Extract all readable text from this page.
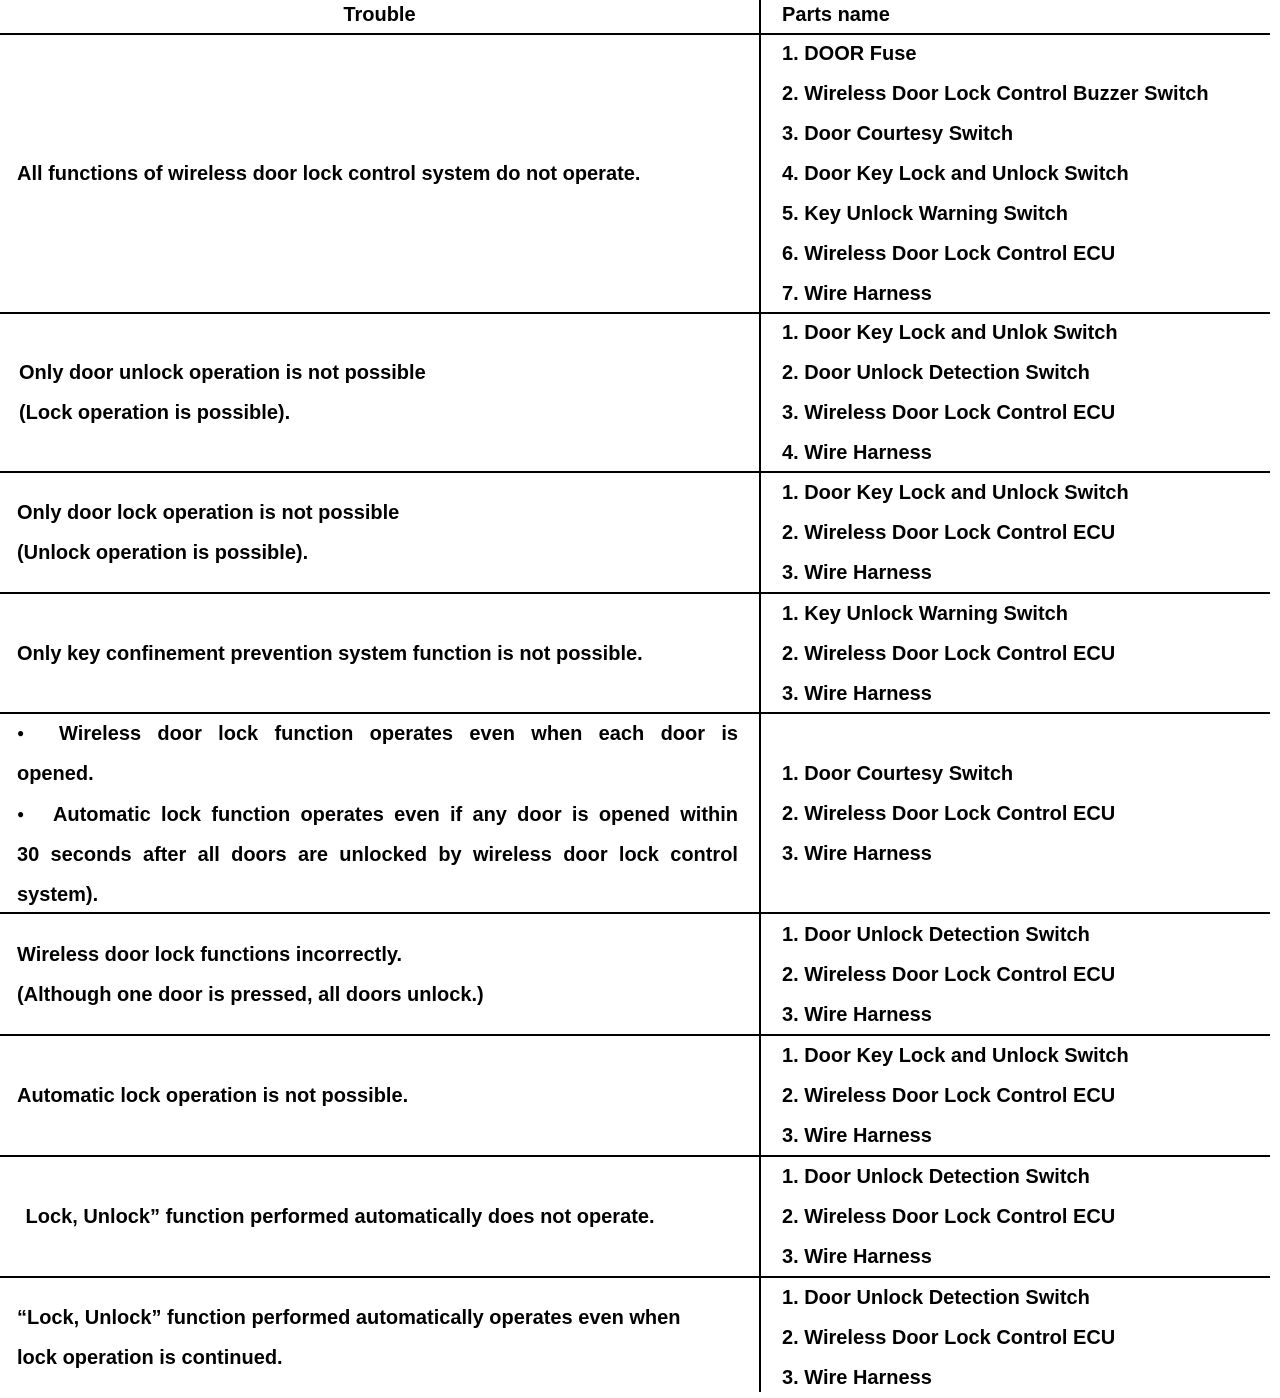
Trouble	Parts name
All functions of wireless door lock control system do not operate.
1. DOOR Fuse
2. Wireless Door Lock Control Buzzer Switch
3. Door Courtesy Switch
4. Door Key Lock and Unlock Switch
5. Key Unlock Warning Switch
6. Wireless Door Lock Control ECU
7. Wire Harness
Only door unlock operation is not possible
(Lock operation is possible).
1. Door Key Lock and Unlok Switch
2. Door Unlock Detection Switch
3. Wireless Door Lock Control ECU
4. Wire Harness
Only door lock operation is not possible
(Unlock operation is possible).
1. Door Key Lock and Unlock Switch
2. Wireless Door Lock Control ECU
3. Wire Harness
Only key confinement prevention system function is not possible.
1. Key Unlock Warning Switch
2. Wireless Door Lock Control ECU
3. Wire Harness
● Wireless door lock function operates even when each door is
opened.
● Automatic lock function operates even if any door is opened within
30 seconds after all doors are unlocked by wireless door lock control
system).
1. Door Courtesy Switch
2. Wireless Door Lock Control ECU
3. Wire Harness
Wireless door lock functions incorrectly.
(Although one door is pressed, all doors unlock.)
1. Door Unlock Detection Switch
2. Wireless Door Lock Control ECU
3. Wire Harness
Automatic lock operation is not possible.
1. Door Key Lock and Unlock Switch
2. Wireless Door Lock Control ECU
3. Wire Harness
Lock, Unlock” function performed automatically does not operate.
1. Door Unlock Detection Switch
2. Wireless Door Lock Control ECU
3. Wire Harness
“Lock, Unlock” function performed automatically operates even when
lock operation is continued.
1. Door Unlock Detection Switch
2. Wireless Door Lock Control ECU
3. Wire Harness
